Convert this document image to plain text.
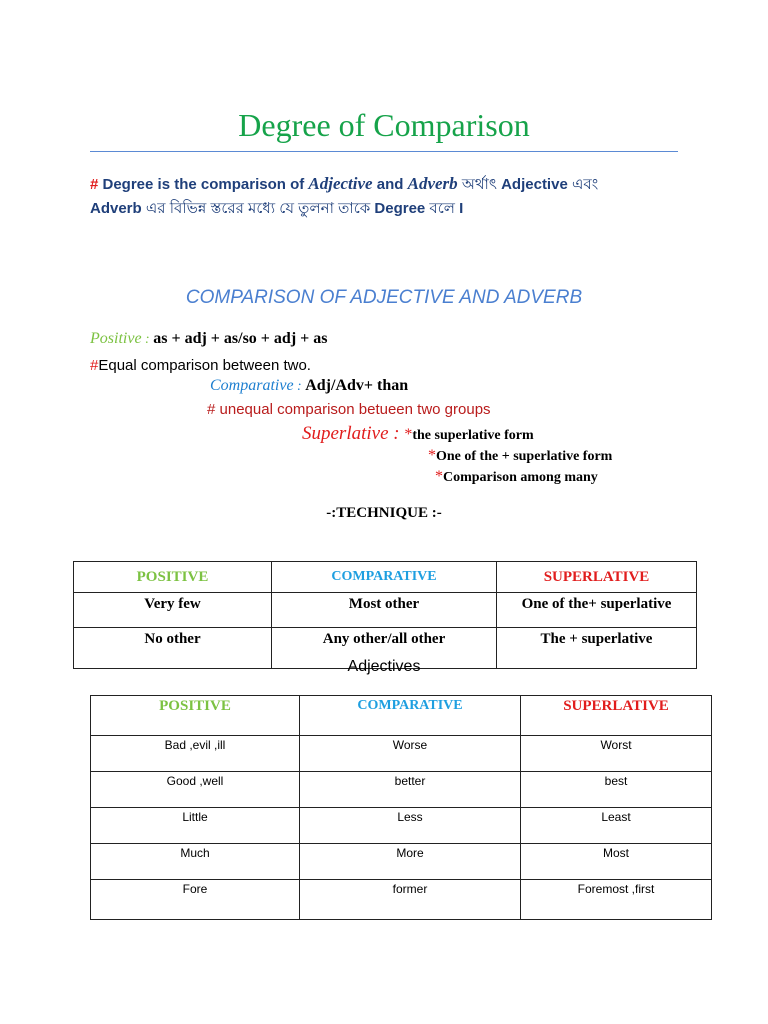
Degree of Comparison
# Degree is the comparison of Adjective and Adverb অর্থাৎ Adjective এবং
Adverb এর বিভিন্ন স্তরের মধ্যে যে তুলনা তাকে Degree বলে I
COMPARISON OF ADJECTIVE AND ADVERB
Positive : as + adj + as/so + adj + as
#Equal comparison between two.
Comparative : Adj/Adv+ than
# unequal comparison betueen two groups
Superlative : *the superlative form
*One of the + superlative form
*Comparison among many
-:TECHNIQUE :-
POSITIVE	COMPARATIVE	SUPERLATIVE
Very few	Most other	One of the+ superlative
No other	Any other/all other	The + superlative
Adjectives
POSITIVE	COMPARATIVE	SUPERLATIVE
Bad ,evil ,ill	Worse	Worst
Good ,well	better	best
Little	Less	Least
Much	More	Most
Fore	former	Foremost ,first
